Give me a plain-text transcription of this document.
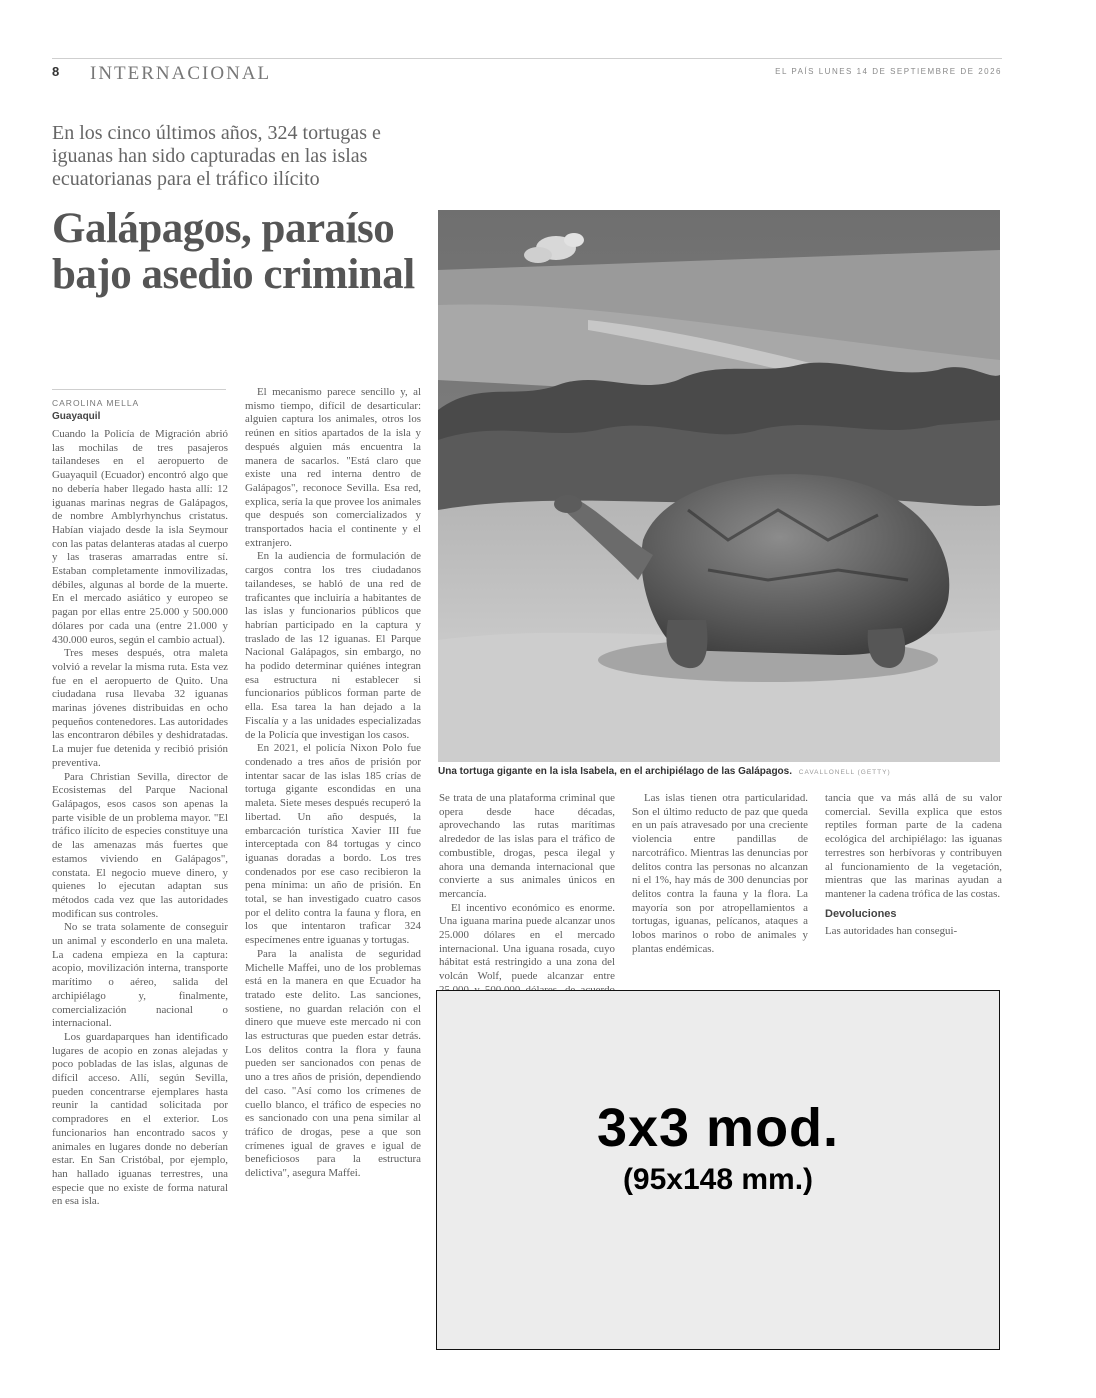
8 INTERNACIONAL	EL PAÍS LUNES 14 DE SEPTIEMBRE DE 2026
En los cinco últimos años, 324 tortugas e iguanas han sido capturadas en las islas ecuatorianas para el tráfico ilícito
Galápagos, paraíso bajo asedio criminal
CAROLINA MELLA
Guayaquil

Cuando la Policía de Migración abrió las mochilas de tres pasajeros tailandeses en el aeropuerto de Guayaquil (Ecuador) encontró algo que no debería haber llegado hasta allí: 12 iguanas marinas negras de Galápagos, de nombre Amblyrhynchus cristatus. Habían viajado desde la isla Seymour con las patas delanteras atadas al cuerpo y las traseras amarradas entre sí. Estaban completamente inmovilizadas, débiles, algunas al borde de la muerte. En el mercado asiático y europeo se pagan por ellas entre 25.000 y 500.000 dólares por cada una (entre 21.000 y 430.000 euros, según el cambio actual).

Tres meses después, otra maleta volvió a revelar la misma ruta. Esta vez fue en el aeropuerto de Quito. Una ciudadana rusa llevaba 32 iguanas marinas jóvenes distribuidas en ocho pequeños contenedores. Las autoridades las encontraron débiles y deshidratadas. La mujer fue detenida y recibió prisión preventiva.

Para Christian Sevilla, director de Ecosistemas del Parque Nacional Galápagos, esos casos son apenas la parte visible de un problema mayor. "El tráfico ilícito de especies constituye una de las amenazas más fuertes que estamos viviendo en Galápagos", constata. El negocio mueve dinero, y quienes lo ejecutan adaptan sus métodos cada vez que las autoridades modifican sus controles.

No se trata solamente de conseguir un animal y esconderlo en una maleta. La cadena empieza en la captura: acopio, movilización interna, transporte marítimo o aéreo, salida del archipiélago y, finalmente, comercialización nacional o internacional.

Los guardaparques han identificado lugares de acopio en zonas alejadas y poco pobladas de las islas, algunas de difícil acceso. Allí, según Sevilla, pueden concentrarse ejemplares hasta reunir la cantidad solicitada por compradores en el exterior. Los funcionarios han encontrado sacos y animales en lugares donde no deberían estar. En San Cristóbal, por ejemplo, han hallado iguanas terrestres, una especie que no existe de forma natural en esa isla.

El mecanismo parece sencillo y, al mismo tiempo, difícil de desarticular: alguien captura los animales, otros los reúnen en sitios apartados de la isla y después alguien más encuentra la manera de sacarlos. "Está claro que existe una red interna dentro de Galápagos", reconoce Sevilla. Esa red, explica, sería la que provee los animales que después son comercializados y transportados hacia el continente y el extranjero.

En la audiencia de formulación de cargos contra los tres ciudadanos tailandeses, se habló de una red de traficantes que incluiría a habitantes de las islas y funcionarios públicos que habrían participado en la captura y traslado de las 12 iguanas. El Parque Nacional Galápagos, sin embargo, no ha podido determinar quiénes integran esa estructura ni establecer si funcionarios públicos forman parte de ella. Esa tarea la han dejado a la Fiscalía y a las unidades especializadas de la Policía que investigan los casos.

En 2021, el policía Nixon Polo fue condenado a tres años de prisión por intentar sacar de las islas 185 crías de tortuga gigante escondidas en una maleta. Siete meses después recuperó la libertad. Un año después, la embarcación turística Xavier III fue interceptada con 84 tortugas y cinco iguanas doradas a bordo. Los tres condenados por ese caso recibieron la pena mínima: un año de prisión. En total, se han investigado cuatro casos por el delito contra la fauna y flora, en los que intentaron traficar 324 especímenes entre iguanas y tortugas.

Para la analista de seguridad Michelle Maffei, uno de los problemas está en la manera en que Ecuador ha tratado este delito. Las sanciones, sostiene, no guardan relación con el dinero que mueve este mercado ni con las estructuras que pueden estar detrás. Los delitos contra la flora y fauna pueden ser sancionados con penas de uno a tres años de prisión, dependiendo del caso. "Así como los crímenes de cuello blanco, el tráfico de especies no es sancionado con una pena similar al tráfico de drogas, pese a que son crímenes igual de graves e igual de beneficiosos para la estructura delictiva", asegura Maffei.

Una tortuga gigante en la isla Isabela, en el archipiélago de las Galápagos. CAVALLONELL (GETTY)

Se trata de una plataforma criminal que opera desde hace décadas, aprovechando las rutas marítimas alrededor de las islas para el tráfico de combustible, drogas, pesca ilegal y ahora una demanda internacional que convierte a sus animales únicos en mercancía.

El incentivo económico es enorme. Una iguana marina puede alcanzar unos 25.000 dólares en el mercado internacional. Una iguana rosada, cuyo hábitat está restringido a una zona del volcán Wolf, puede alcanzar entre

Las islas tienen otra particularidad. Son el último reducto de paz que queda en un país atravesado por una creciente violencia entre pandillas de narcotráfico. Mientras las denuncias por delitos contra las personas no alcanzan ni el 1%, hay más de 300 denuncias por delitos contra la fauna y la flora. La mayoría son por atropellamientos a tortugas, iguanas, pelícanos, ataques a lobos marinos o robo de animales y plantas endémicas.

tancia que va más allá de su valor comercial. Sevilla explica que estos reptiles forman parte de la cadena ecológica del archipiélago: las iguanas terrestres son herbívoras y contribuyen al funcionamiento de la vegetación, mientras que las marinas ayudan a mantener la cadena trófica de las costas.

Devoluciones

Las autoridades han consegui-

3x3 mod.
(95x148 mm.)
